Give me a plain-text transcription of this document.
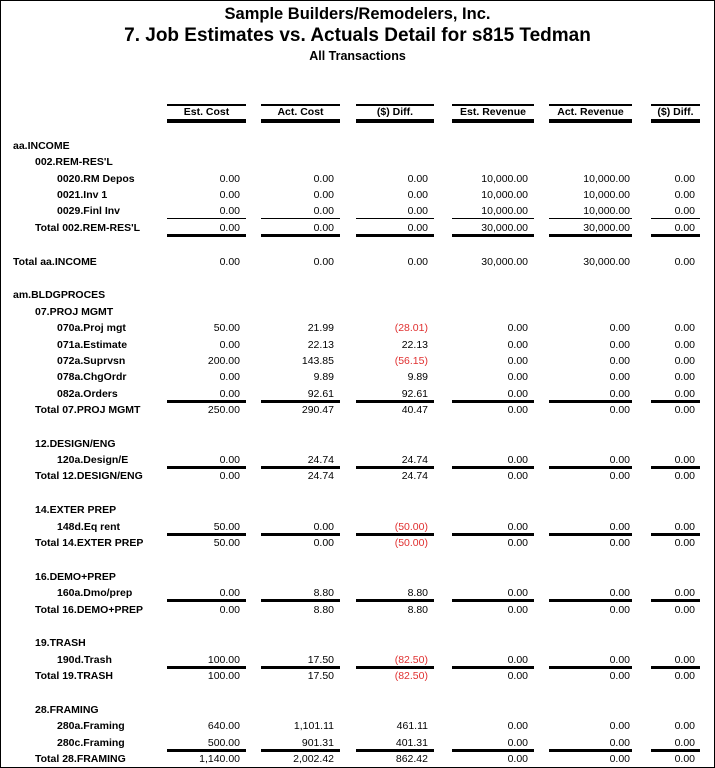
Sample Builders/Remodelers, Inc.
7. Job Estimates vs. Actuals Detail for s815 Tedman
All Transactions
Est. Cost	Act. Cost	($) Diff.	Est. Revenue	Act. Revenue	($) Diff.
aa.INCOME
002.REM-RES'L
0020.RM Depos	0.00	0.00	0.00	10,000.00	10,000.00	0.00
0021.Inv 1	0.00	0.00	0.00	10,000.00	10,000.00	0.00
0029.Finl Inv	0.00	0.00	0.00	10,000.00	10,000.00	0.00
Total 002.REM-RES'L	0.00	0.00	0.00	30,000.00	30,000.00	0.00
Total aa.INCOME	0.00	0.00	0.00	30,000.00	30,000.00	0.00
am.BLDGPROCES
07.PROJ MGMT
070a.Proj mgt	50.00	21.99	(28.01)	0.00	0.00	0.00
071a.Estimate	0.00	22.13	22.13	0.00	0.00	0.00
072a.Suprvsn	200.00	143.85	(56.15)	0.00	0.00	0.00
078a.ChgOrdr	0.00	9.89	9.89	0.00	0.00	0.00
082a.Orders	0.00	92.61	92.61	0.00	0.00	0.00
Total 07.PROJ MGMT	250.00	290.47	40.47	0.00	0.00	0.00
12.DESIGN/ENG
120a.Design/E	0.00	24.74	24.74	0.00	0.00	0.00
Total 12.DESIGN/ENG	0.00	24.74	24.74	0.00	0.00	0.00
14.EXTER PREP
148d.Eq rent	50.00	0.00	(50.00)	0.00	0.00	0.00
Total 14.EXTER PREP	50.00	0.00	(50.00)	0.00	0.00	0.00
16.DEMO+PREP
160a.Dmo/prep	0.00	8.80	8.80	0.00	0.00	0.00
Total 16.DEMO+PREP	0.00	8.80	8.80	0.00	0.00	0.00
19.TRASH
190d.Trash	100.00	17.50	(82.50)	0.00	0.00	0.00
Total 19.TRASH	100.00	17.50	(82.50)	0.00	0.00	0.00
28.FRAMING
280a.Framing	640.00	1,101.11	461.11	0.00	0.00	0.00
280c.Framing	500.00	901.31	401.31	0.00	0.00	0.00
Total 28.FRAMING	1,140.00	2,002.42	862.42	0.00	0.00	0.00
